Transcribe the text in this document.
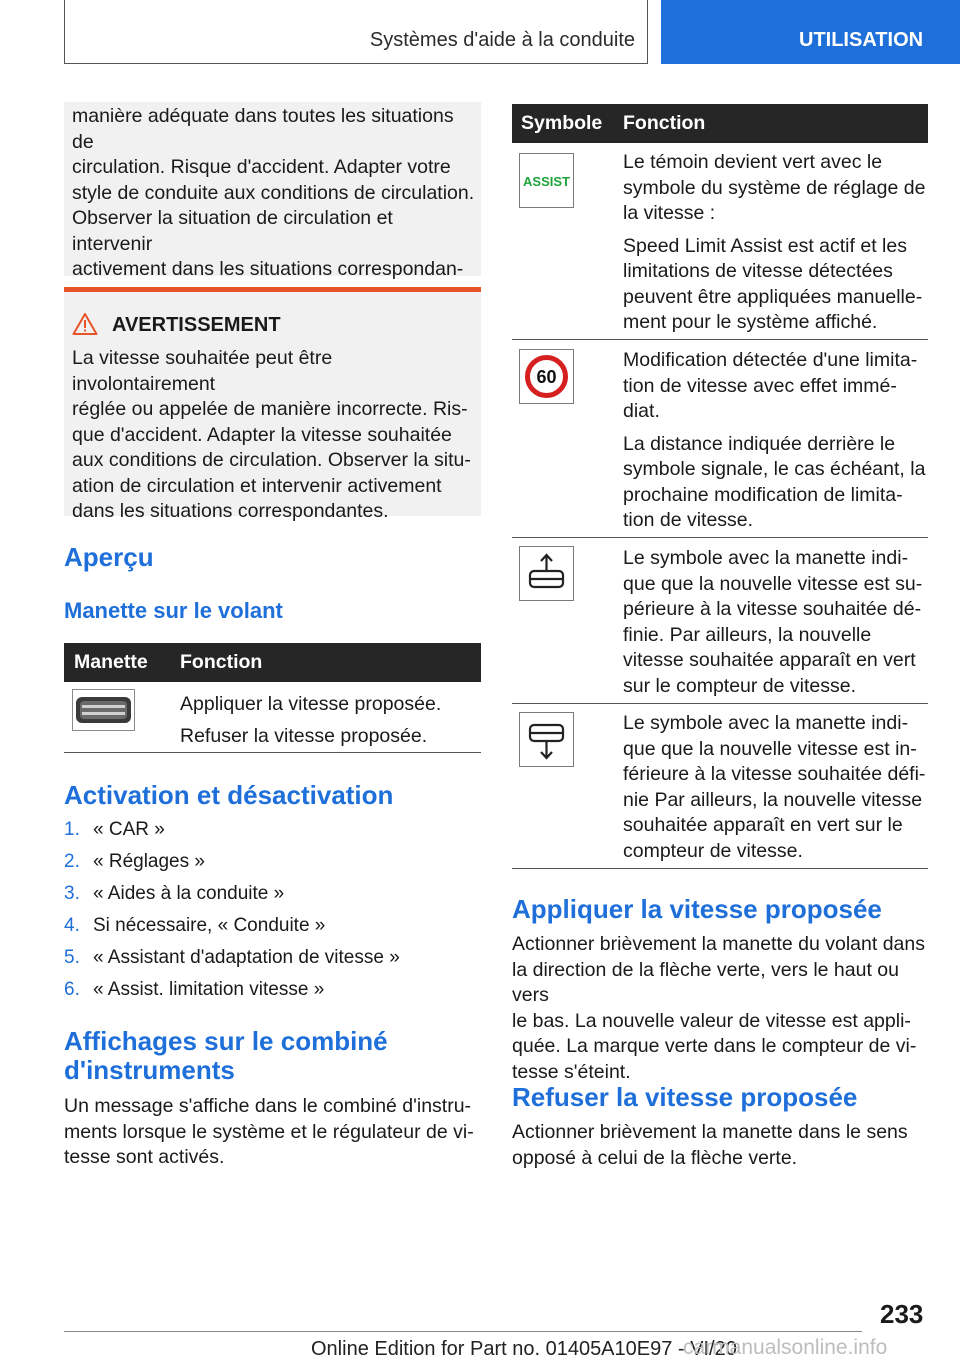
Systèmes d'aide à la conduite	UTILISATION

manière adéquate dans toutes les situations de

circulation. Risque d'accident. Adapter votre

style de conduite aux conditions de circulation.

Observer la situation de circulation et intervenir

activement dans les situations correspondan‐

AVERTISSEMENT

La vitesse souhaitée peut être involontairement

réglée ou appelée de manière incorrecte. Ris‐

que d'accident. Adapter la vitesse souhaitée

aux conditions de circulation. Observer la situ‐

ation de circulation et intervenir activement

dans les situations correspondantes.

Aperçu
Manette sur le volant
Manette Fonction

Appliquer la vitesse proposée.

Refuser la vitesse proposée.

Activation et désactivation
1. « CAR »
2. « Réglages »
3. « Aides à la conduite »
4. Si nécessaire, « Conduite »
5. « Assistant d'adaptation de vitesse »
6. « Assist. limitation vitesse »
Affichages sur le combiné
d'instruments

Un message s'affiche dans le combiné d'instru‐

ments lorsque le système et le régulateur de vi‐

tesse sont activés.

Symbole Fonction
ASSIST

Le témoin devient vert avec le

symbole du système de réglage de

la vitesse :

Speed Limit Assist est actif et les

limitations de vitesse détectées

peuvent être appliquées manuelle‐

ment pour le système affiché.

60

Modification détectée d'une limita‐

tion de vitesse avec effet immé‐

diat.

La distance indiquée derrière le

symbole signale, le cas échéant, la

prochaine modification de limita‐

tion de vitesse.

Le symbole avec la manette indi‐

que que la nouvelle vitesse est su‐

périeure à la vitesse souhaitée dé‐

finie. Par ailleurs, la nouvelle

vitesse souhaitée apparaît en vert

sur le compteur de vitesse.

Le symbole avec la manette indi‐

que que la nouvelle vitesse est in‐

férieure à la vitesse souhaitée défi‐

nie Par ailleurs, la nouvelle vitesse

souhaitée apparaît en vert sur le

compteur de vitesse.

Appliquer la vitesse proposée

Actionner brièvement la manette du volant dans

la direction de la flèche verte, vers le haut ou vers

le bas. La nouvelle valeur de vitesse est appli‐

quée. La marque verte dans le compteur de vi‐

tesse s'éteint.

Refuser la vitesse proposée

Actionner brièvement la manette dans le sens

opposé à celui de la flèche verte.

233
Online Edition for Part no. 01405A10E97 - VI/20
carmanualsonline.info
